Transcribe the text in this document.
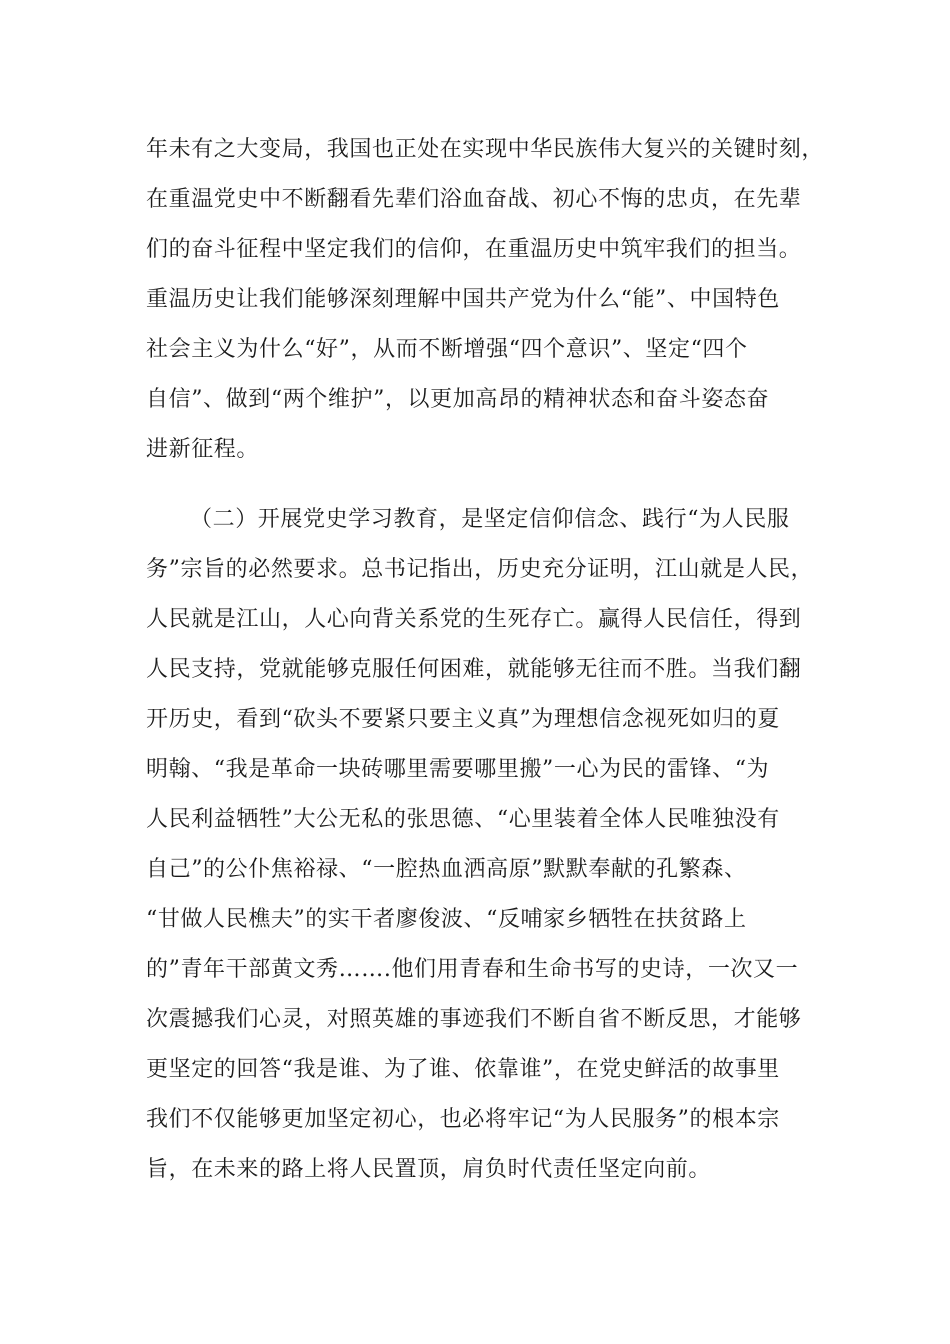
年未有之大变局，我国也正处在实现中华民族伟大复兴的关键时刻，
在重温党史中不断翻看先辈们浴血奋战、初心不悔的忠贞，在先辈
们的奋斗征程中坚定我们的信仰，在重温历史中筑牢我们的担当。
重温历史让我们能够深刻理解中国共产党为什么“能”、中国特色
社会主义为什么“好”，从而不断增强“四个意识”、坚定“四个
自信”、做到“两个维护”，以更加高昂的精神状态和奋斗姿态奋
进新征程。
（二）开展党史学习教育，是坚定信仰信念、践行“为人民服
务”宗旨的必然要求。总书记指出，历史充分证明，江山就是人民，
人民就是江山，人心向背关系党的生死存亡。赢得人民信任，得到
人民支持，党就能够克服任何困难，就能够无往而不胜。当我们翻
开历史，看到“砍头不要紧只要主义真”为理想信念视死如归的夏
明翰、“我是革命一块砖哪里需要哪里搬”一心为民的雷锋、“为
人民利益牺牲”大公无私的张思德、“心里装着全体人民唯独没有
自己”的公仆焦裕禄、“一腔热血洒高原”默默奉献的孔繁森、
“甘做人民樵夫”的实干者廖俊波、“反哺家乡牺牲在扶贫路上
的”青年干部黄文秀…….他们用青春和生命书写的史诗，一次又一
次震撼我们心灵，对照英雄的事迹我们不断自省不断反思，才能够
更坚定的回答“我是谁、为了谁、依靠谁”，在党史鲜活的故事里
我们不仅能够更加坚定初心，也必将牢记“为人民服务”的根本宗
旨，在未来的路上将人民置顶，肩负时代责任坚定向前。
